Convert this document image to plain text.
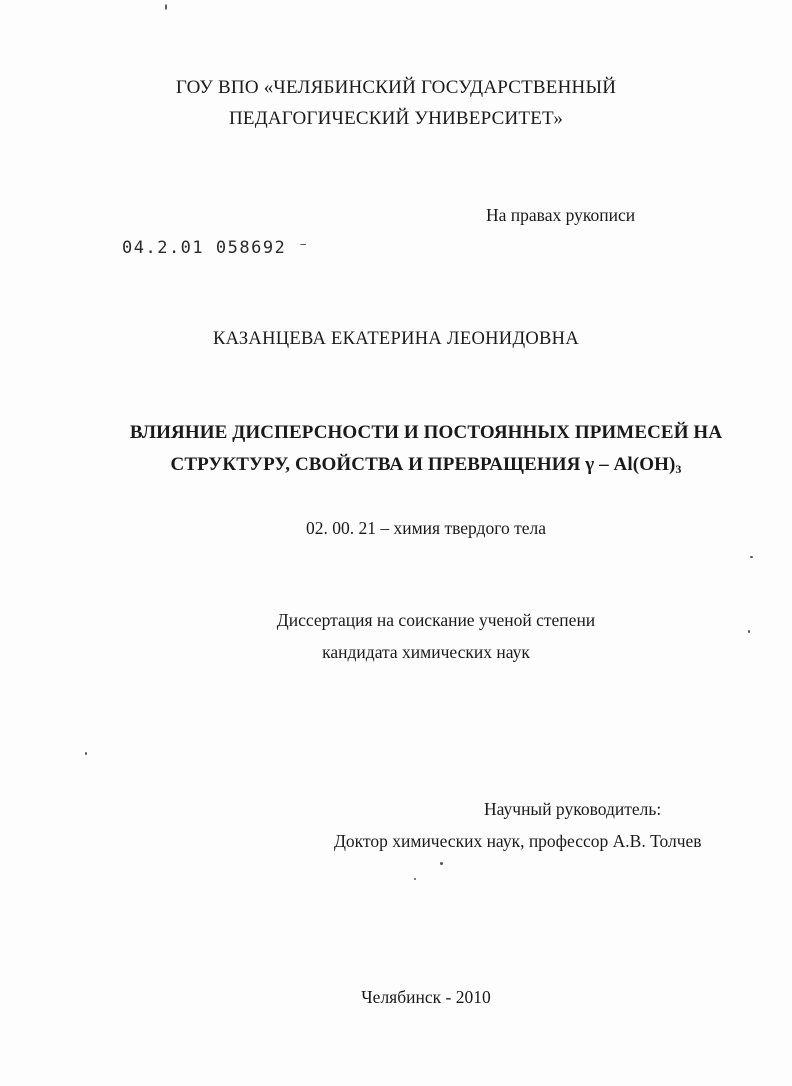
ГОУ ВПО «ЧЕЛЯБИНСКИЙ ГОСУДАРСТВЕННЫЙ
ПЕДАГОГИЧЕСКИЙ УНИВЕРСИТЕТ»
На правах рукописи
04.2.01 058692 ⁻
КАЗАНЦЕВА ЕКАТЕРИНА ЛЕОНИДОВНА
ВЛИЯНИЕ ДИСПЕРСНОСТИ И ПОСТОЯННЫХ ПРИМЕСЕЙ НА
СТРУКТУРУ, СВОЙСТВА И ПРЕВРАЩЕНИЯ γ – $Al(OH)_3$
02. 00. 21 – химия твердого тела
Диссертация на соискание ученой степени
кандидата химических наук
Научный руководитель:
Доктор химических наук, профессор А.В. Толчев
Челябинск - 2010
